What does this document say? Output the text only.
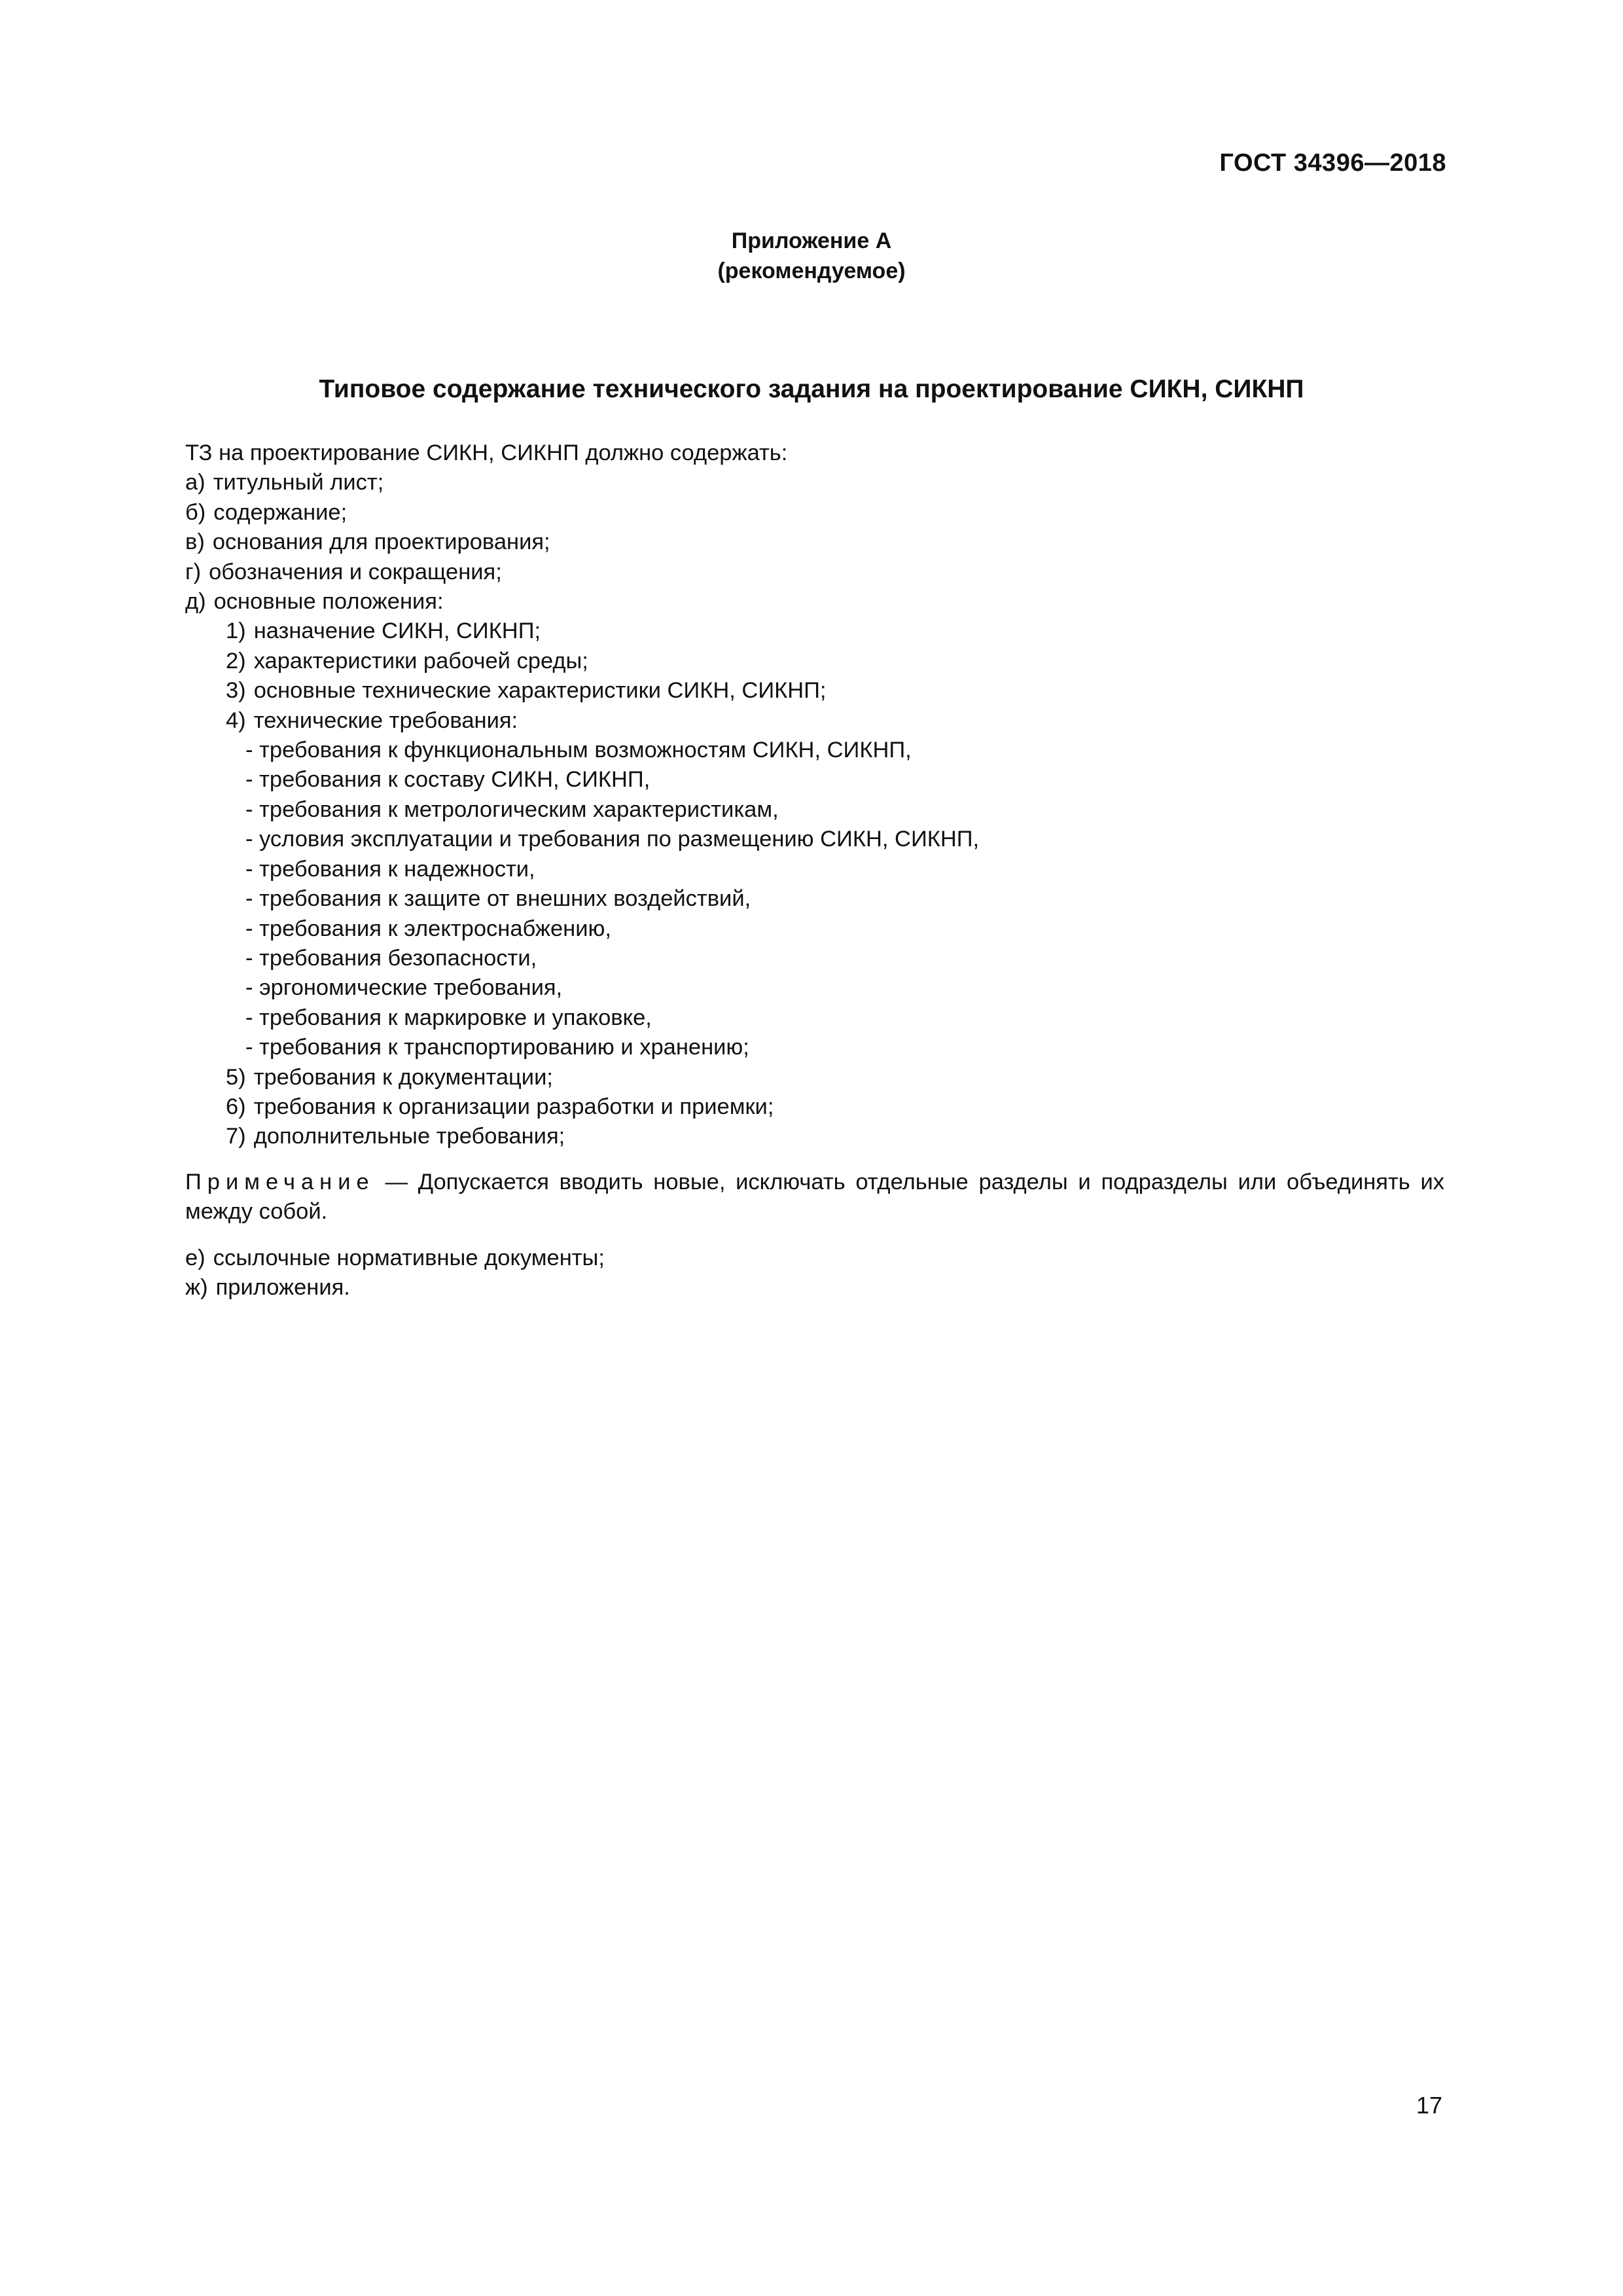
ГОСТ 34396—2018
Приложение А
(рекомендуемое)
Типовое содержание технического задания на проектирование СИКН, СИКНП
ТЗ на проектирование СИКН, СИКНП должно содержать:
а) титульный лист;
б) содержание;
в) основания для проектирования;
г) обозначения и сокращения;
д) основные положения:
1) назначение СИКН, СИКНП;
2) характеристики рабочей среды;
3) основные технические характеристики СИКН, СИКНП;
4) технические требования:
- требования к функциональным возможностям СИКН, СИКНП,
- требования к составу СИКН, СИКНП,
- требования к метрологическим характеристикам,
- условия эксплуатации и требования по размещению СИКН, СИКНП,
- требования к надежности,
- требования к защите от внешних воздействий,
- требования к электроснабжению,
- требования безопасности,
- эргономические требования,
- требования к маркировке и упаковке,
- требования к транспортированию и хранению;
5) требования к документации;
6) требования к организации разработки и приемки;
7) дополнительные требования;
Примечание — Допускается вводить новые, исключать отдельные разделы и подразделы или объединять их между собой.
е) ссылочные нормативные документы;
ж) приложения.
17
